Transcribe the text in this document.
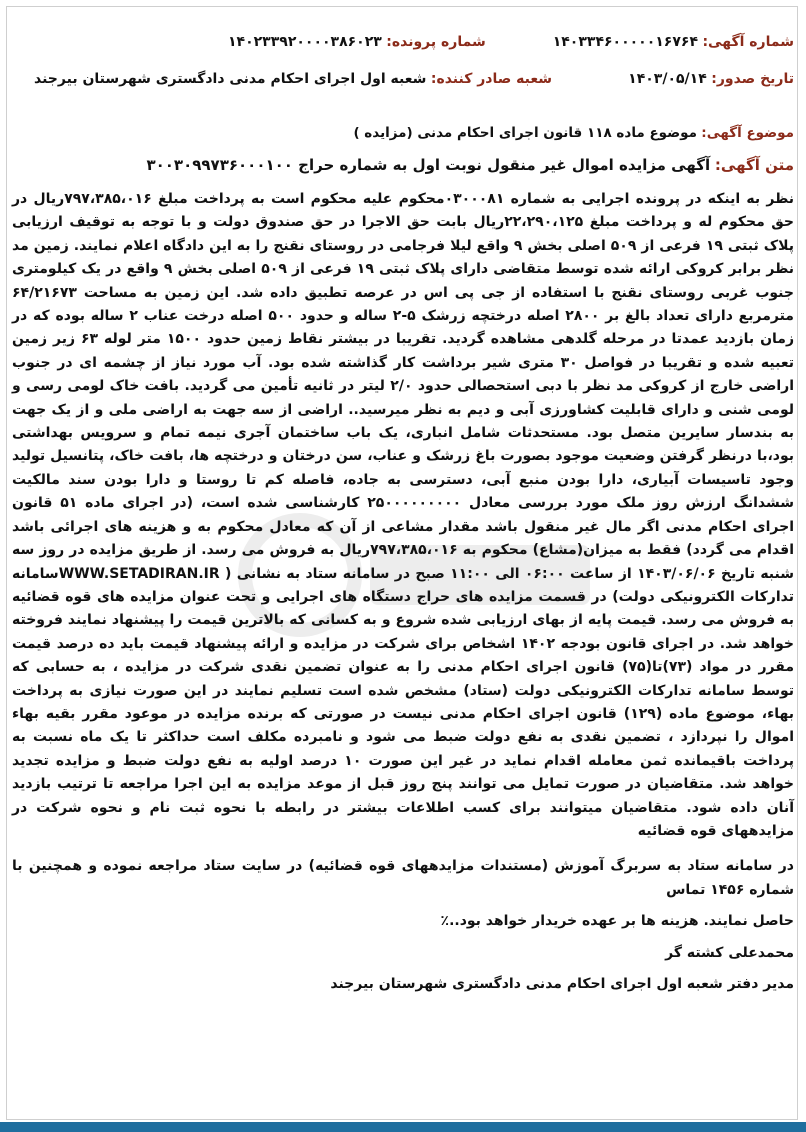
شماره آگهی: ۱۴۰۳۳۴۶۰۰۰۰۰۱۶۷۶۴
شماره پرونده: ۱۴۰۲۳۳۹۲۰۰۰۰۳۸۶۰۲۳
تاریخ صدور: ۱۴۰۳/۰۵/۱۴
شعبه صادر کننده: شعبه اول اجرای احکام مدنی دادگستری شهرستان بیرجند
موضوع آگهی: موضوع ماده ۱۱۸ قانون اجرای احکام مدنی (مزایده )
متن آگهی: آگهی مزایده اموال غیر منقول نوبت اول به شماره حراج ۳۰۰۳۰۹۹۷۳۶۰۰۰۱۰۰

نظر به اینکه در پرونده اجرایی به شماره ۰۳۰۰۰۸۱محکوم علیه محکوم است به پرداخت مبلغ ۷۹۷،۳۸۵،۰۱۶ریال در حق محکوم له و پرداخت مبلغ ۲۲،۲۹۰،۱۲۵ریال بابت حق الاجرا در حق صندوق دولت و با توجه به توقیف ارزیابی پلاک ثبتی ۱۹ فرعی از ۵۰۹ اصلی بخش ۹ واقع لیلا فرجامی در روستای نقنج را به این دادگاه اعلام نمایند. زمین مد نظر برابر کروکی ارائه شده توسط متقاضی دارای پلاک ثبتی ۱۹ فرعی از ۵۰۹ اصلی بخش ۹ واقع در یک کیلومتری جنوب غربی روستای نقنج با استفاده از جی پی اس در عرصه تطبیق داده شد. این زمین به مساحت ۶۴/۲۱۶۷۳ مترمربع دارای تعداد بالغ بر ۲۸۰۰ اصله درختچه زرشک ۵-۲ ساله و حدود ۵۰۰ اصله درخت عناب ۲ ساله بوده که در زمان بازدید عمدتا در مرحله گلدهی مشاهده گردید. تقریبا در بیشتر نقاط زمین حدود ۱۵۰۰ متر لوله ۶۳ زیر زمین تعبیه شده و تقریبا در فواصل ۳۰ متری شیر برداشت کار گذاشته شده بود. آب مورد نیاز از چشمه ای در جنوب اراضی خارج از کروکی مد نظر با دبی استحصالی حدود ۲/۰ لیتر در ثانیه تأمین می گردید. بافت خاک لومی رسی و لومی شنی و دارای قابلیت کشاورزی آبی و دیم به نظر میرسید.. اراضی از سه جهت به اراضی ملی و از یک جهت به بندسار سایرین متصل بود. مستحدثات شامل انباری، یک باب ساختمان آجری نیمه تمام و سرویس بهداشتی بود،با درنظر گرفتن وضعیت موجود بصورت باغ زرشک و عناب، سن درختان و درختچه ها، بافت خاک، پتانسیل تولید وجود تاسیسات آبیاری، دارا بودن منبع آبی، دسترسی به جاده، فاصله کم تا روستا و دارا بودن سند مالکیت ششدانگ ارزش روز ملک مورد بررسی معادل ۲۵۰۰۰۰۰۰۰۰۰ کارشناسی شده است، (در اجرای ماده ۵۱ قانون اجرای احکام مدنی اگر مال غیر منقول باشد مقدار مشاعی از آن که معادل محکوم به و هزینه های اجرائی باشد اقدام می گردد) فقط به میزان(مشاع) محکوم به ۷۹۷،۳۸۵،۰۱۶ریال به فروش می رسد. از طریق مزایده در روز سه شنبه تاریخ ۱۴۰۳/۰۶/۰۶ از ساعت ۰۶:۰۰ الی ۱۱:۰۰ صبح در سامانه ستاد به نشانی ( WWW.SETADIRAN.IRسامانه تدارکات الکترونیکی دولت) در قسمت مزایده های حراج دستگاه های اجرایی و تحت عنوان مزایده های قوه قضائیه به فروش می رسد. قیمت پایه از بهای ارزیابی شده شروع و به کسانی که بالاترین قیمت را پیشنهاد نمایند فروخته خواهد شد. در اجرای قانون بودجه ۱۴۰۲ اشخاص برای شرکت در مزایده و ارائه پیشنهاد قیمت باید ده درصد قیمت مقرر در مواد (۷۳)تا(۷۵) قانون اجرای احکام مدنی را به عنوان تضمین نقدی شرکت در مزایده ، به حسابی که توسط سامانه تدارکات الکترونیکی دولت (ستاد) مشخص شده است تسلیم نمایند در این صورت نیازی به پرداخت بهاء، موضوع ماده (۱۲۹) قانون اجرای احکام مدنی نیست در صورتی که برنده مزایده در موعود مقرر بقیه بهاء اموال را نپردازد ، تضمین نقدی به نفع دولت ضبط می شود و نامبرده مکلف است حداکثر تا یک ماه نسبت به پرداخت باقیمانده ثمن معامله اقدام نماید در غیر این صورت ۱۰ درصد اولیه به نفع دولت ضبط و مزایده تجدید خواهد شد. متقاضیان در صورت تمایل می توانند پنج روز قبل از موعد مزایده به این اجرا مراجعه تا ترتیب بازدید آنان داده شود. متقاضیان میتوانند برای کسب اطلاعات بیشتر در رابطه با نحوه ثبت نام و نحوه شرکت در مزایدههای قوه قضائیه

در سامانه ستاد به سربرگ آموزش (مستندات مزایدههای قوه قضائیه) در سایت ستاد مراجعه نموده و همچنین با شماره ۱۴۵۶ تماس

حاصل نمایند. هزینه ها بر عهده خریدار خواهد بود..٪

محمدعلی کشته گر

مدیر دفتر شعبه اول اجرای احکام مدنی دادگستری شهرستان بیرجند
